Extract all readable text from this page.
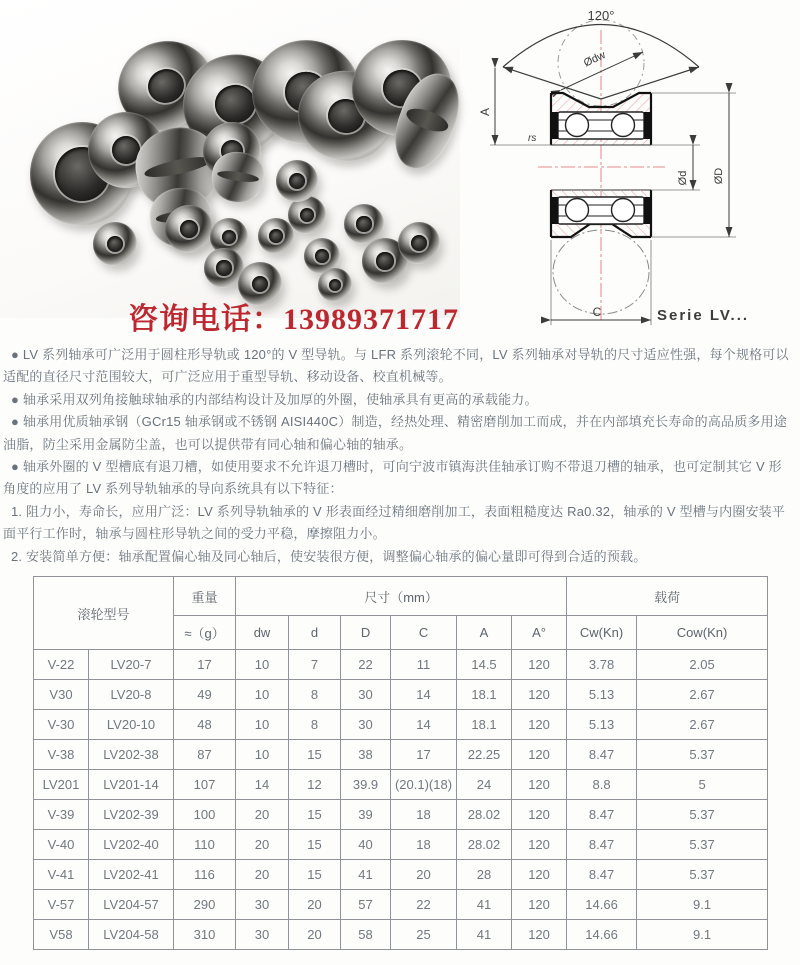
120°
Ødw
A
rs
Ød ØD
C	Serie LV...
咨询电话：13989371717

● LV 系列轴承可广泛用于圆柱形导轨或 120°的 V 型导轨。与 LFR 系列滚轮不同，LV 系列轴承对导轨的尺寸适应性强，每个规格可以适配的直径尺寸范围较大，可广泛应用于重型导轨、移动设备、校直机械等。

● 轴承采用双列角接触球轴承的内部结构设计及加厚的外圈，使轴承具有更高的承载能力。

● 轴承用优质轴承钢（GCr15 轴承钢或不锈钢 AISI440C）制造，经热处理、精密磨削加工而成，并在内部填充长寿命的高品质多用途油脂，防尘采用金属防尘盖，也可以提供带有同心轴和偏心轴的轴承。

● 轴承外圈的 V 型槽底有退刀槽，如使用要求不允许退刀槽时，可向宁波市镇海洪佳轴承订购不带退刀槽的轴承，也可定制其它 V 形角度的应用了 LV 系列导轨轴承的导向系统具有以下特征：

1. 阻力小，寿命长，应用广泛：LV 系列导轨轴承的 V 形表面经过精细磨削加工，表面粗糙度达 Ra0.32，轴承的 V 型槽与内圈安装平面平行工作时，轴承与圆柱形导轨之间的受力平稳，摩擦阻力小。

2. 安装简单方便：轴承配置偏心轴及同心轴后，使安装很方便，调整偏心轴承的偏心量即可得到合适的预载。

滚轮型号		重量	尺寸（mm）						载荷	
		≈（g）	dw	d	D	C	A	A°	Cw(Kn)	Cow(Kn)
V-22	LV20-7	17	10	7	22	11	14.5	120	3.78	2.05
V30	LV20-8	49	10	8	30	14	18.1	120	5.13	2.67
V-30	LV20-10	48	10	8	30	14	18.1	120	5.13	2.67
V-38	LV202-38	87	10	15	38	17	22.25	120	8.47	5.37
LV201	LV201-14	107	14	12	39.9	(20.1)(18)	24	120	8.8	5
V-39	LV202-39	100	20	15	39	18	28.02	120	8.47	5.37
V-40	LV202-40	110	20	15	40	18	28.02	120	8.47	5.37
V-41	LV202-41	116	20	15	41	20	28	120	8.47	5.37
V-57	LV204-57	290	30	20	57	22	41	120	14.66	9.1
V58	LV204-58	310	30	20	58	25	41	120	14.66	9.1
